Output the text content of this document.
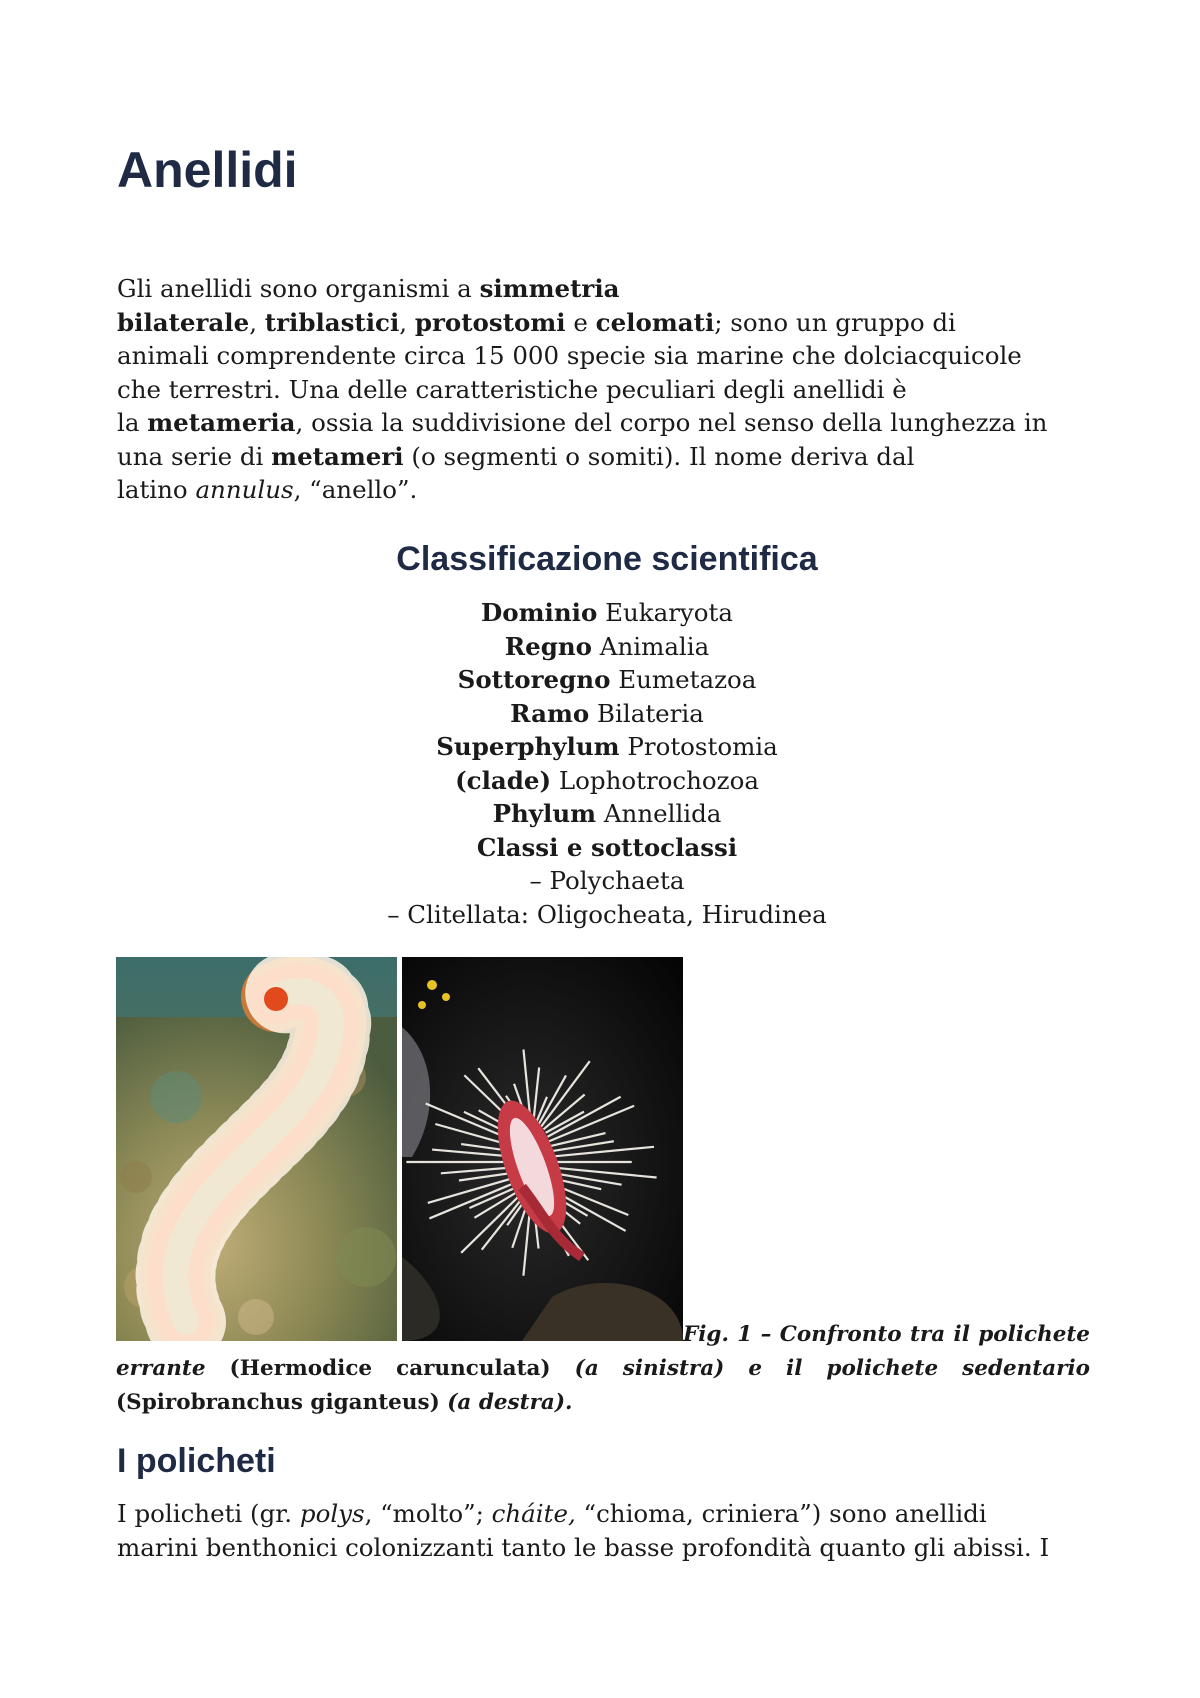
Anellidi
Gli anellidi sono organismi a simmetria
bilaterale, triblastici, protostomi e celomati; sono un gruppo di
animali comprendente circa 15 000 specie sia marine che dolciacquicole
che terrestri. Una delle caratteristiche peculiari degli anellidi è
la metameria, ossia la suddivisione del corpo nel senso della lunghezza in
una serie di metameri (o segmenti o somiti). Il nome deriva dal
latino annulus, “anello”.
Classificazione scientifica
Dominio Eukaryota
Regno Animalia
Sottoregno Eumetazoa
Ramo Bilateria
Superphylum Protostomia
(clade) Lophotrochozoa
Phylum Annellida
Classi e sottoclassi
– Polychaeta
– Clitellata: Oligocheata, Hirudinea

Fig. 1 – Confronto tra il polichete errante (Hermodice carunculata) (a sinistra) e il polichete sedentario (Spirobranchus giganteus) (a destra).

I policheti
I policheti (gr. polys, “molto”; cháite, “chioma, criniera”) sono anellidi
marini benthonici colonizzanti tanto le basse profondità quanto gli abissi. I
